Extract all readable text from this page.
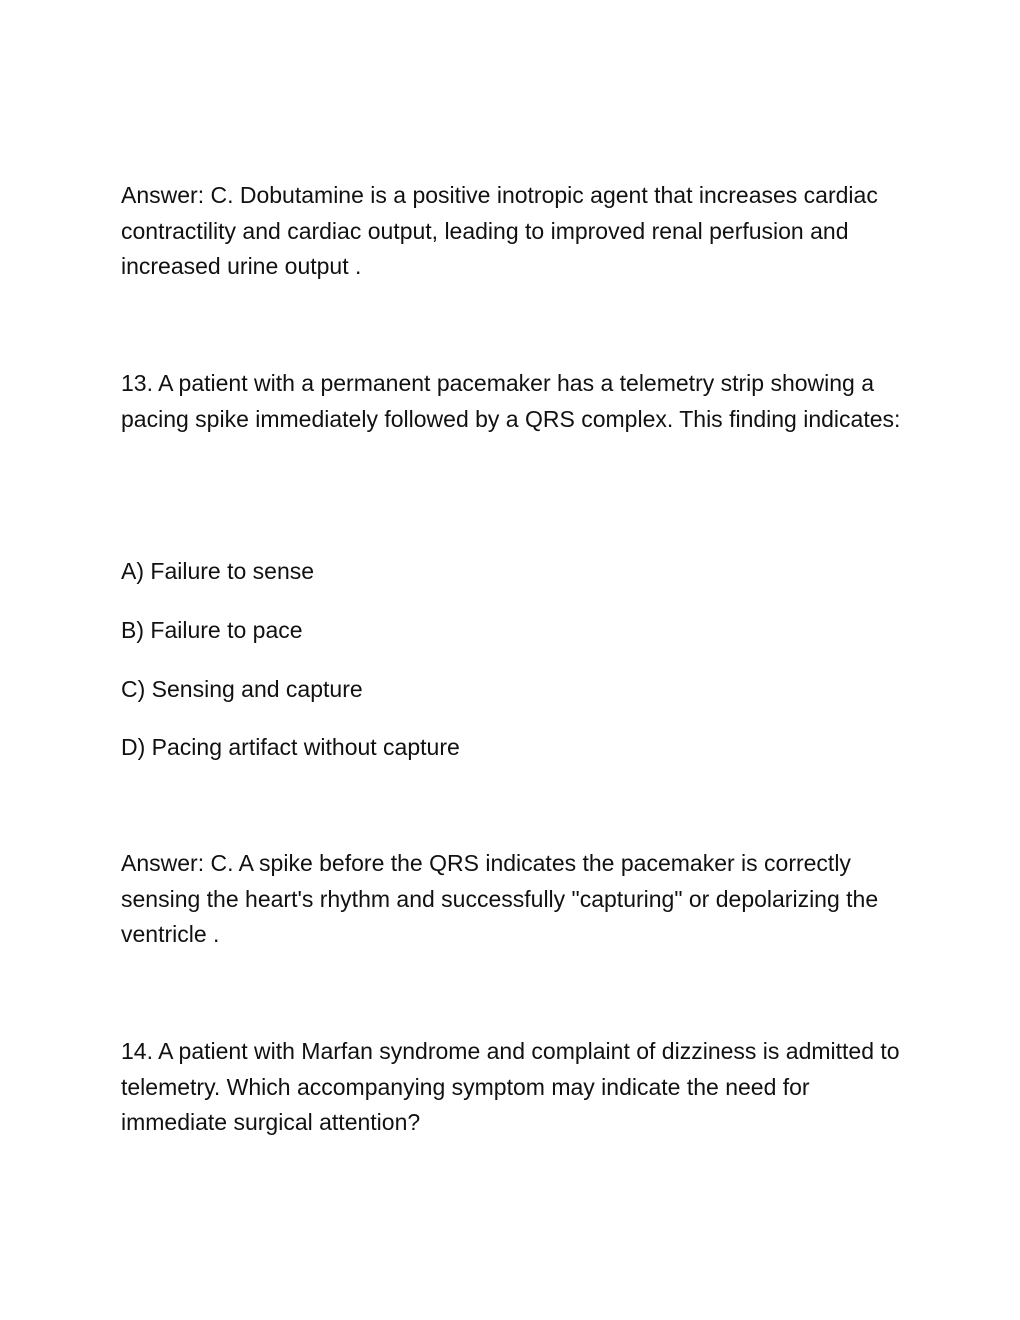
Answer: C. Dobutamine is a positive inotropic agent that increases cardiac contractility and cardiac output, leading to improved renal perfusion and increased urine output .

13. A patient with a permanent pacemaker has a telemetry strip showing a pacing spike immediately followed by a QRS complex. This finding indicates:

A) Failure to sense

B) Failure to pace

C) Sensing and capture

D) Pacing artifact without capture

Answer: C. A spike before the QRS indicates the pacemaker is correctly sensing the heart's rhythm and successfully "capturing" or depolarizing the ventricle .

14. A patient with Marfan syndrome and complaint of dizziness is admitted to telemetry. Which accompanying symptom may indicate the need for immediate surgical attention?
